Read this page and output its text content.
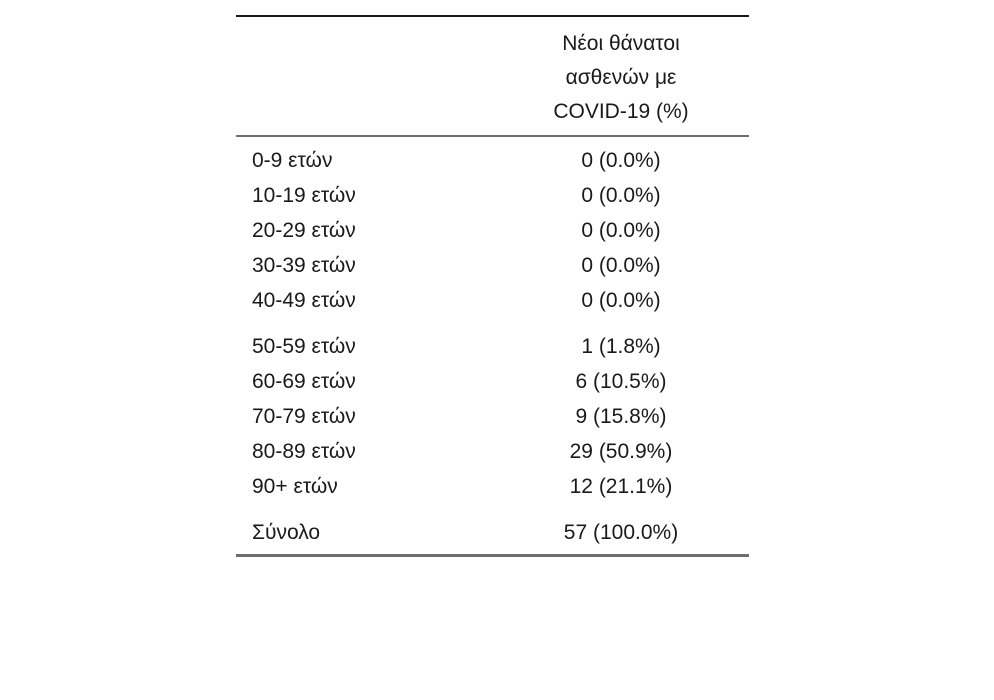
Νέοι θάνατοι
ασθενών με
COVID-19 (%)
0-9 ετών	0 (0.0%)
10-19 ετών	0 (0.0%)
20-29 ετών	0 (0.0%)
30-39 ετών	0 (0.0%)
40-49 ετών	0 (0.0%)
50-59 ετών	1 (1.8%)
60-69 ετών	6 (10.5%)
70-79 ετών	9 (15.8%)
80-89 ετών	29 (50.9%)
90+ ετών	12 (21.1%)
Σύνολο	57 (100.0%)
